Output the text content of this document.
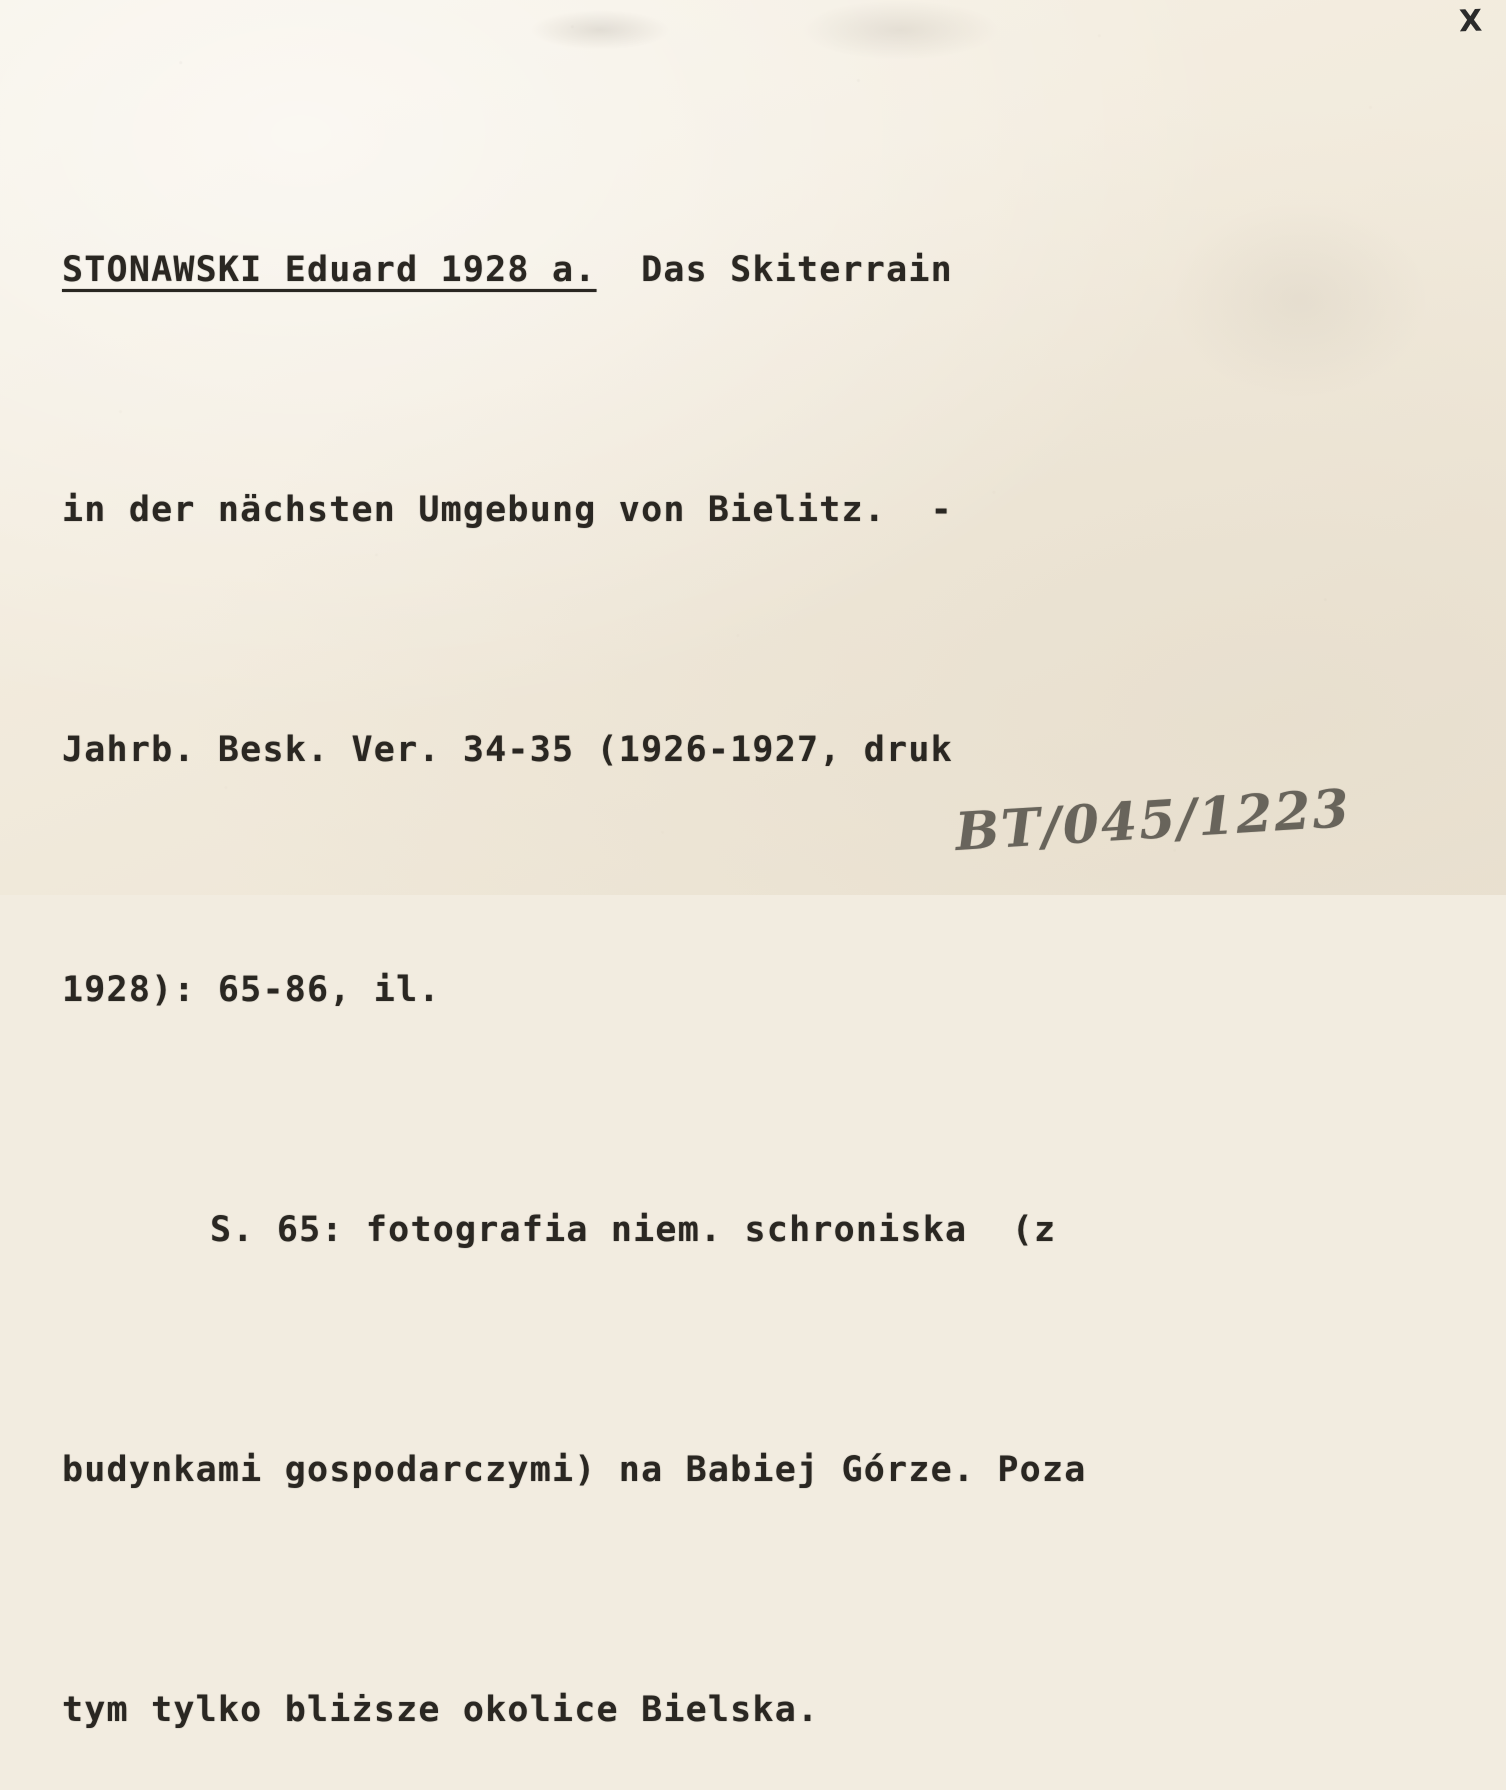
X

STONAWSKI Eduard 1928 a.  Das Skiterrain

in der nächsten Umgebung von Bielitz.  -

Jahrb. Besk. Ver. 34-35 (1926-1927, druk

1928): 65-86, il.

S. 65: fotografia niem. schroniska  (z

budynkami gospodarczymi) na Babiej Górze. Poza

tym tylko bliższe okolice Bielska.

BT/045/1223
